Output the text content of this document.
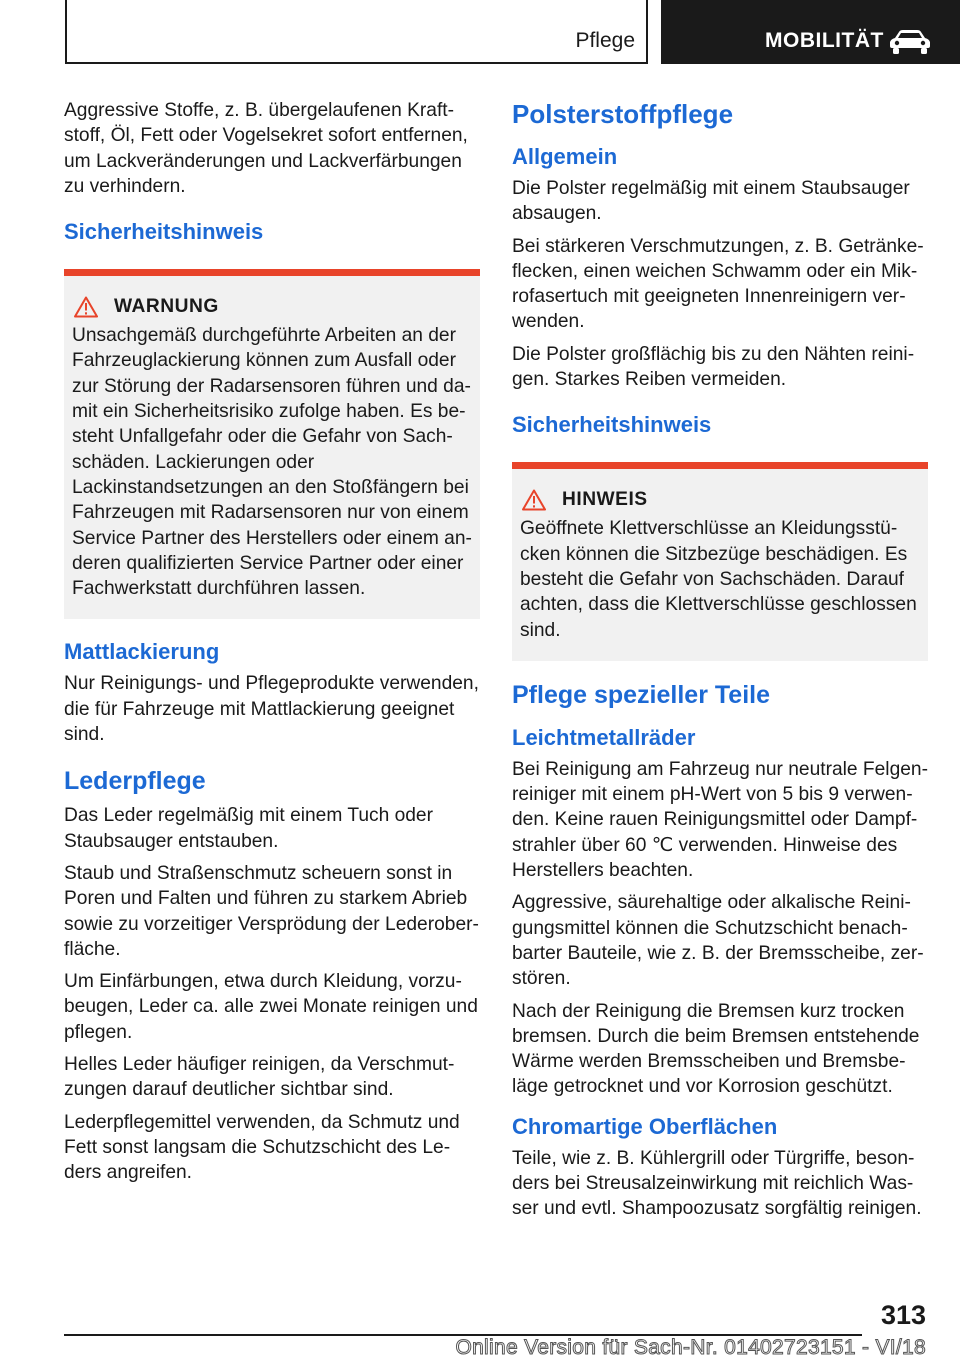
Pflege	MOBILITÄT

Aggressive Stoffe, z. B. übergelaufenen Kraftstoff, Öl, Fett oder Vogelsekret sofort entfernen, um Lackveränderungen und Lackverfärbungen zu verhindern.

Sicherheitshinweis
WARNUNG

Unsachgemäß durchgeführte Arbeiten an der Fahrzeuglackierung können zum Ausfall oder zur Störung der Radarsensoren führen und damit ein Sicherheitsrisiko zufolge haben. Es besteht Unfallgefahr oder die Gefahr von Sachschäden. Lackierungen oder Lackinstandsetzungen an den Stoßfängern bei Fahrzeugen mit Radarsensoren nur von einem Service Partner des Herstellers oder einem anderen qualifizierten Service Partner oder einer Fachwerkstatt durchführen lassen.

Mattlackierung

Nur Reinigungs- und Pflegeprodukte verwenden, die für Fahrzeuge mit Mattlackierung geeignet sind.

Lederpflege

Das Leder regelmäßig mit einem Tuch oder Staubsauger entstauben.

Staub und Straßenschmutz scheuern sonst in Poren und Falten und führen zu starkem Abrieb sowie zu vorzeitiger Versprödung der Lederoberfläche.

Um Einfärbungen, etwa durch Kleidung, vorzubeugen, Leder ca. alle zwei Monate reinigen und pflegen.

Helles Leder häufiger reinigen, da Verschmutzungen darauf deutlicher sichtbar sind.

Lederpflegemittel verwenden, da Schmutz und Fett sonst langsam die Schutzschicht des Leders angreifen.

Polsterstoffpflege
Allgemein

Die Polster regelmäßig mit einem Staubsauger absaugen.

Bei stärkeren Verschmutzungen, z. B. Getränkeflecken, einen weichen Schwamm oder ein Mikrofasertuch mit geeigneten Innenreinigern verwenden.

Die Polster großflächig bis zu den Nähten reinigen. Starkes Reiben vermeiden.

Sicherheitshinweis
HINWEIS

Geöffnete Klettverschlüsse an Kleidungsstücken können die Sitzbezüge beschädigen. Es besteht die Gefahr von Sachschäden. Darauf achten, dass die Klettverschlüsse geschlossen sind.

Pflege spezieller Teile
Leichtmetallräder

Bei Reinigung am Fahrzeug nur neutrale Felgenreiniger mit einem pH-Wert von 5 bis 9 verwenden. Keine rauen Reinigungsmittel oder Dampfstrahler über 60 ℃ verwenden. Hinweise des Herstellers beachten.

Aggressive, säurehaltige oder alkalische Reinigungsmittel können die Schutzschicht benachbarter Bauteile, wie z. B. der Bremsscheibe, zerstören.

Nach der Reinigung die Bremsen kurz trocken bremsen. Durch die beim Bremsen entstehende Wärme werden Bremsscheiben und Bremsbeläge getrocknet und vor Korrosion geschützt.

Chromartige Oberflächen

Teile, wie z. B. Kühlergrill oder Türgriffe, besonders bei Streusalzeinwirkung mit reichlich Wasser und evtl. Shampoozusatz sorgfältig reinigen.

313
Online Version für Sach-Nr. 01402723151 - VI/18
